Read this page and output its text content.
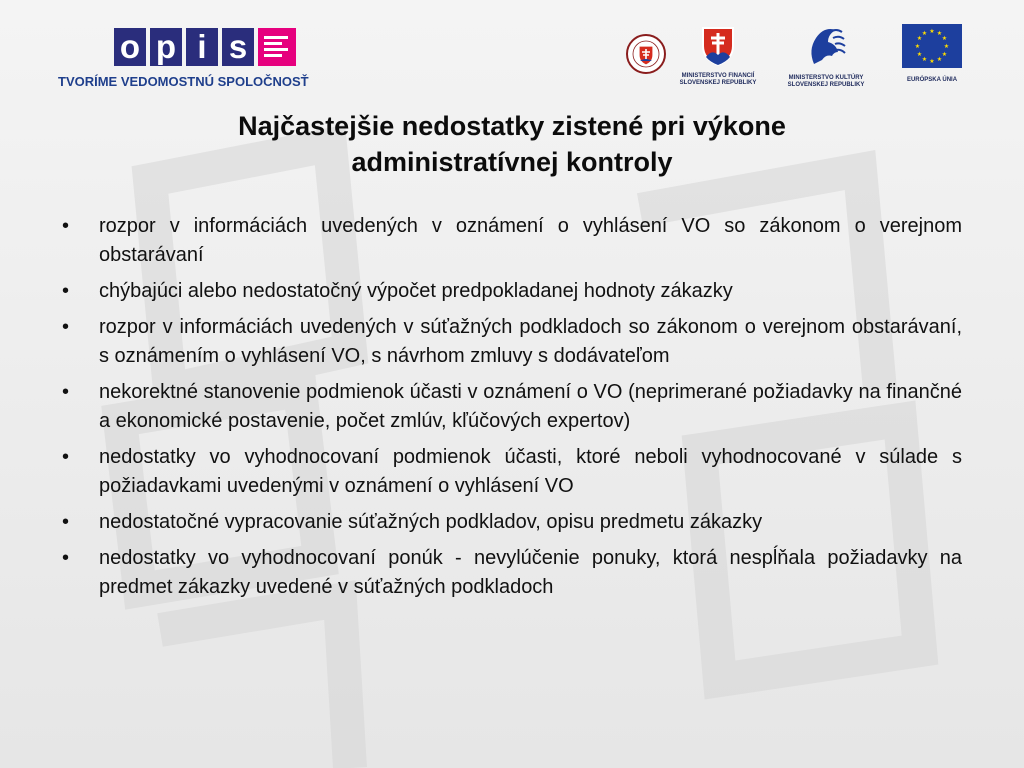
o p i s
TVORÍME VEDOMOSTNÚ SPOLOČNOSŤ	MINISTERSTVO FINANCIÍ
SLOVENSKEJ REPUBLIKY
MINISTERSTVO KULTÚRY
SLOVENSKEJ REPUBLIKY
★ ★
★
★
★
★
★
★
★
★
★
★
EURÓPSKA ÚNIA
Najčastejšie nedostatky zistené pri výkone
administratívnej kontroly
• rozpor v informáciách uvedených v oznámení o vyhlásení VO so zákonom o verejnom obstarávaní
• chýbajúci alebo nedostatočný výpočet predpokladanej hodnoty zákazky
• rozpor v informáciách uvedených v súťažných podkladoch so zákonom o verejnom obstarávaní, s oznámením o vyhlásení VO, s návrhom zmluvy s dodávateľom
• nekorektné stanovenie podmienok účasti v oznámení o VO (neprimerané požiadavky na finančné a ekonomické postavenie, počet zmlúv, kľúčových expertov)
• nedostatky vo vyhodnocovaní podmienok účasti, ktoré neboli vyhodnocované v súlade s požiadavkami uvedenými v oznámení o vyhlásení VO
• nedostatočné vypracovanie súťažných podkladov, opisu predmetu zákazky
• nedostatky vo vyhodnocovaní ponúk - nevylúčenie ponuky, ktorá nespĺňala požiadavky na predmet zákazky uvedené v súťažných podkladoch
